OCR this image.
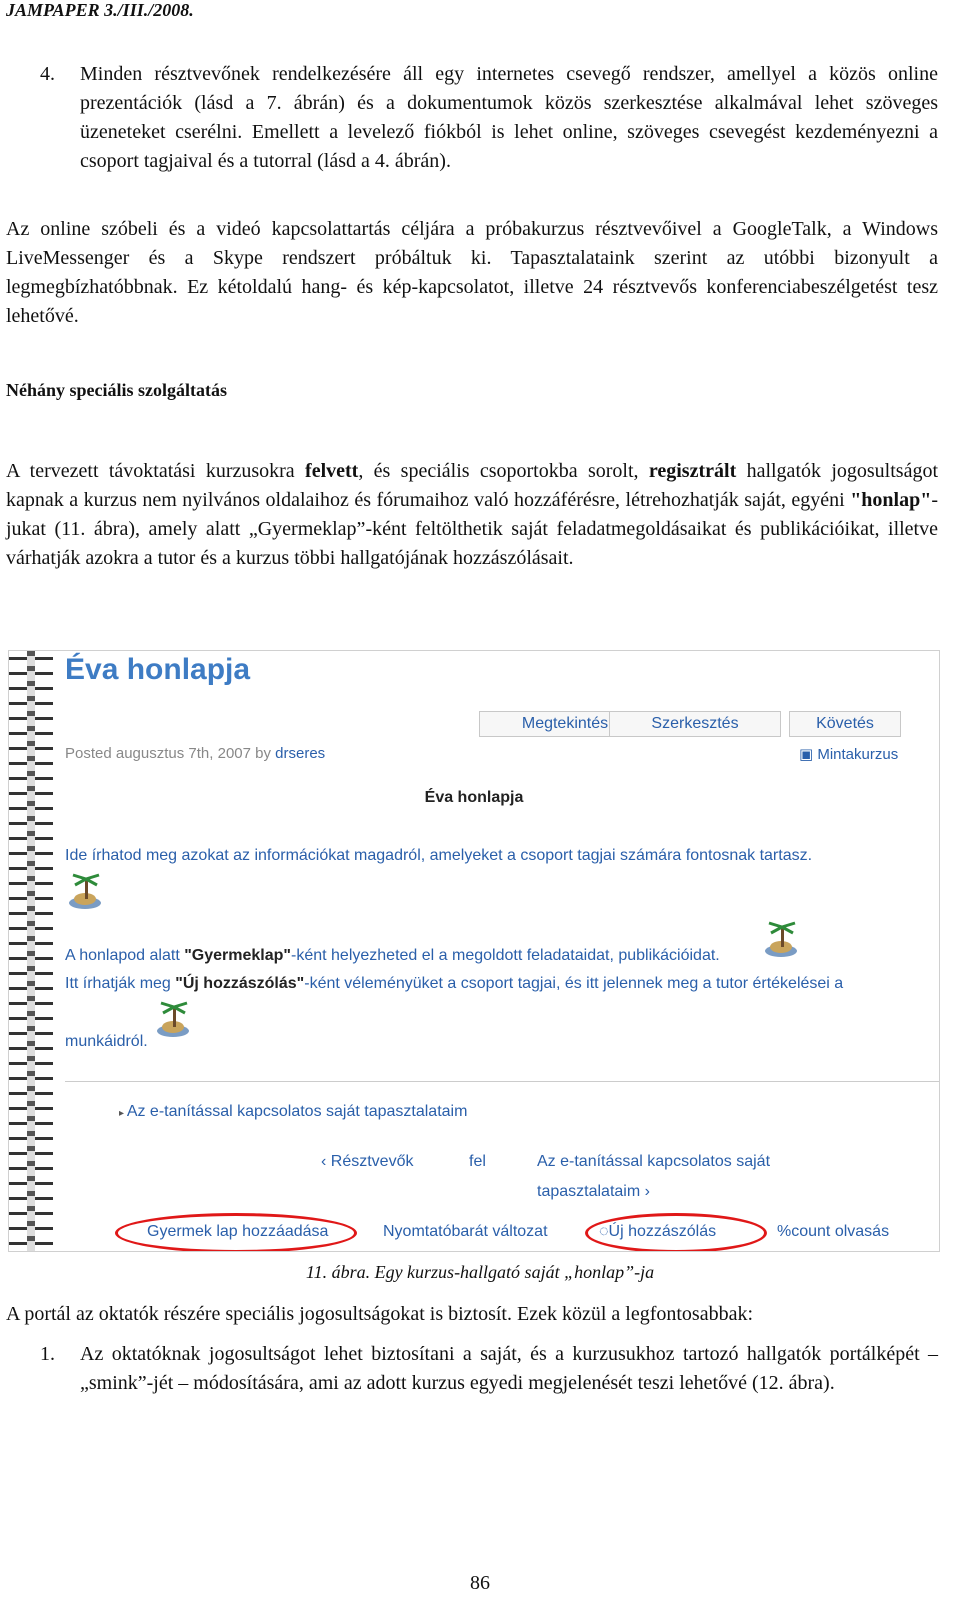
JAMPAPER 3./III./2008.
4. Minden résztvevőnek rendelkezésére áll egy internetes csevegő rendszer, amellyel a közös online prezentációk (lásd a 7. ábrán) és a dokumentumok közös szerkesztése alkalmával lehet szöveges üzeneteket cserélni. Emellett a levelező fiókból is lehet online, szöveges csevegést kezdeményezni a csoport tagjaival és a tutorral (lásd a 4. ábrán).
Az online szóbeli és a videó kapcsolattartás céljára a próbakurzus résztvevőivel a GoogleTalk, a Windows LiveMessenger és a Skype rendszert próbáltuk ki. Tapasztalataink szerint az utóbbi bizonyult a legmegbízhatóbbnak. Ez kétoldalú hang- és kép-kapcsolatot, illetve 24 résztvevős konferenciabeszélgetést tesz lehetővé.
Néhány speciális szolgáltatás
A tervezett távoktatási kurzusokra felvett, és speciális csoportokba sorolt, regisztrált hallgatók jogosultságot kapnak a kurzus nem nyilvános oldalaihoz és fórumaihoz való hozzáférésre, létrehozhatják saját, egyéni "honlap"-jukat (11. ábra), amely alatt „Gyermeklap”-ként feltölthetik saját feladatmegoldásaikat és publikációikat, illetve várhatják azokra a tutor és a kurzus többi hallgatójának hozzászólásait.
Éva honlapja
Megtekintés	Szerkesztés	Követés
Posted augusztus 7th, 2007 by drseres	▣ Mintakurzus
Éva honlapja
Ide írhatod meg azokat az információkat magadról, amelyeket a csoport tagjai számára fontosnak tartasz.
A honlapod alatt "Gyermeklap"-ként helyezheted el a megoldott feladataidat, publikációidat.
Itt írhatják meg "Új hozzászólás"-ként véleményüket a csoport tagjai, és itt jelennek meg a tutor értékelései a
munkáidról.
▸ Az e-tanítással kapcsolatos saját tapasztalataim
‹ Résztvevők	fel	Az e-tanítással kapcsolatos saját
tapasztalataim ›
Gyermek lap hozzáadása	Nyomtatóbarát változat	◌Új hozzászólás	%count olvasás
11. ábra. Egy kurzus-hallgató saját „honlap”-ja
A portál az oktatók részére speciális jogosultságokat is biztosít. Ezek közül a legfontosabbak:
1. Az oktatóknak jogosultságot lehet biztosítani a saját, és a kurzusukhoz tartozó hallgatók portálképét – „smink”-jét – módosítására, ami az adott kurzus egyedi megjelenését teszi lehetővé (12. ábra).
86
